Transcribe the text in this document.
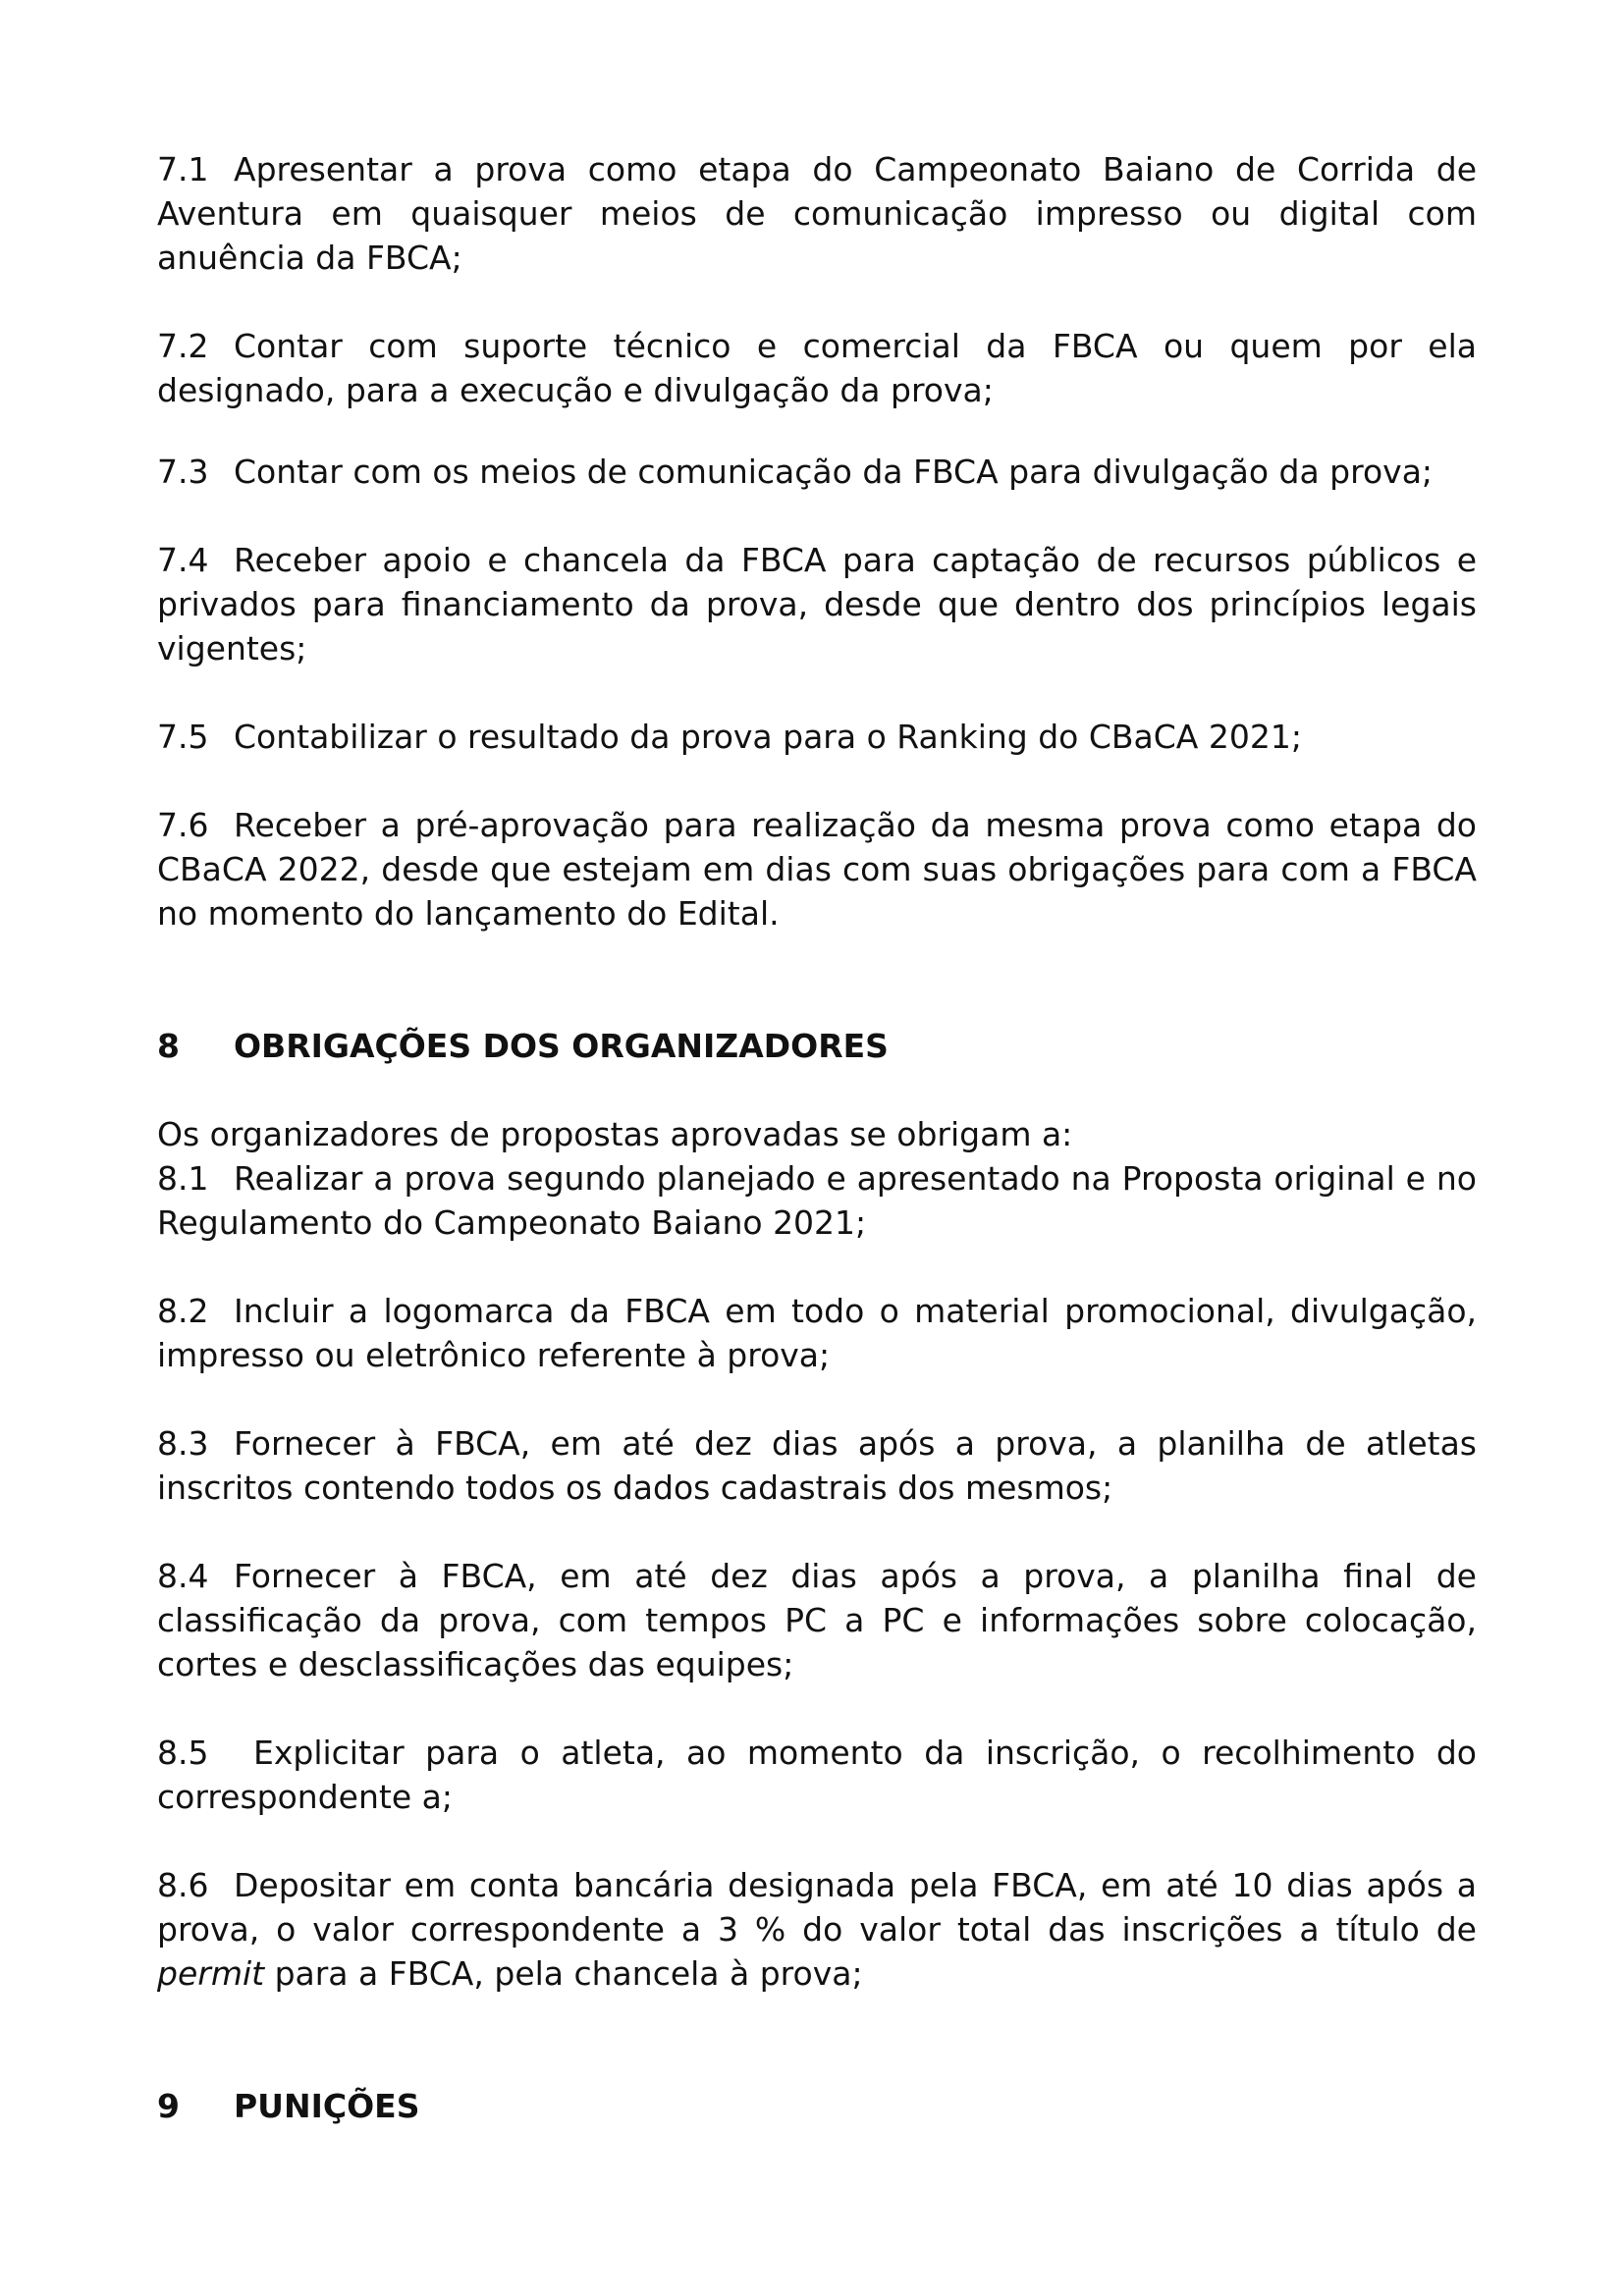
7.1 Apresentar a prova como etapa do Campeonato Baiano de Corrida de Aventura em quaisquer meios de comunicação impresso ou digital com anuência da FBCA;

7.2 Contar com suporte técnico e comercial da FBCA ou quem por ela designado, para a execução e divulgação da prova;

7.3 Contar com os meios de comunicação da FBCA para divulgação da prova;

7.4 Receber apoio e chancela da FBCA para captação de recursos públicos e privados para financiamento da prova, desde que dentro dos princípios legais vigentes;

7.5 Contabilizar o resultado da prova para o Ranking do CBaCA 2021;

7.6 Receber a pré-aprovação para realização da mesma prova como etapa do CBaCA 2022, desde que estejam em dias com suas obrigações para com a FBCA no momento do lançamento do Edital.

8 OBRIGAÇÕES DOS ORGANIZADORES

Os organizadores de propostas aprovadas se obrigam a:

8.1 Realizar a prova segundo planejado e apresentado na Proposta original e no Regulamento do Campeonato Baiano 2021;

8.2 Incluir a logomarca da FBCA em todo o material promocional, divulgação, impresso ou eletrônico referente à prova;

8.3 Fornecer à FBCA, em até dez dias após a prova, a planilha de atletas inscritos contendo todos os dados cadastrais dos mesmos;

8.4 Fornecer à FBCA, em até dez dias após a prova, a planilha final de classificação da prova, com tempos PC a PC e informações sobre colocação, cortes e desclassificações das equipes;

8.5 Explicitar para o atleta, ao momento da inscrição, o recolhimento do correspondente a;

8.6 Depositar em conta bancária designada pela FBCA, em até 10 dias após a prova, o valor correspondente a 3 % do valor total das inscrições a título de permit para a FBCA, pela chancela à prova;

9 PUNIÇÕES
